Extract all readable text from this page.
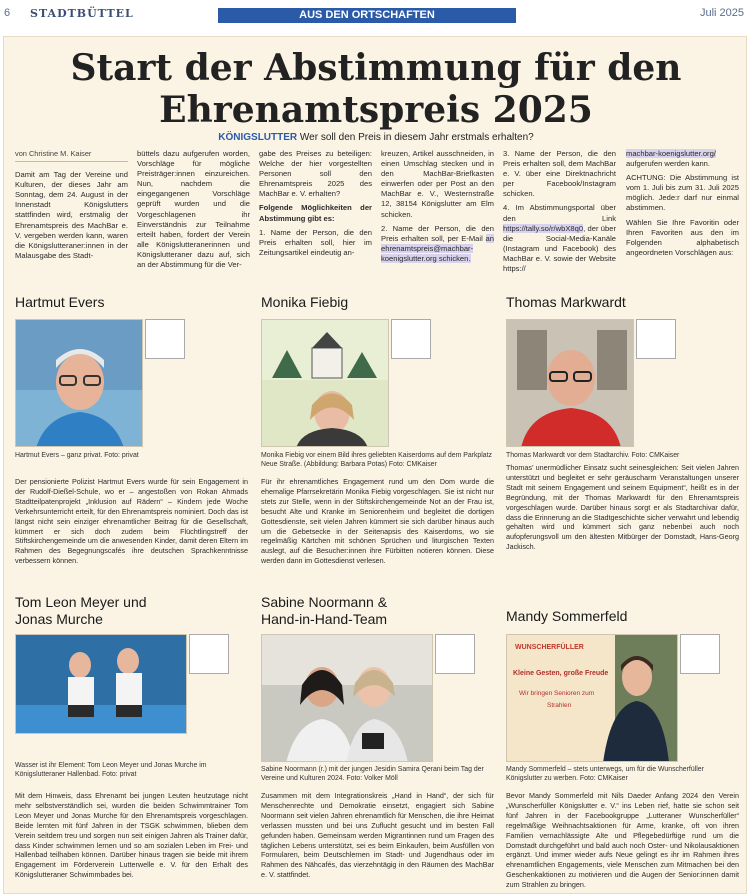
6 STADTBÜTTEL	AUS DEN ORTSCHAFTEN	Juli 2025
Start der Abstimmung für den
Ehrenamtspreis 2025
KÖNIGSLUTTER Wer soll den Preis in diesem Jahr erstmals erhalten?
von Christine M. Kaiser

Damit am Tag der Vereine und Kulturen, der dieses Jahr am Sonntag, dem 24. August in der Innenstadt Königslutters stattfinden wird, erstmalig der Ehrenamtspreis des MachBar e. V. vergeben werden kann, waren die Königslutteraner:innen in der Malausgabe des Stadt-

büttels dazu aufgerufen worden, Vorschläge für mögliche Preisträger:innen einzureichen. Nun, nachdem die eingegangenen Vorschläge geprüft wurden und die Vorgeschlagenen ihr Einverständnis zur Teilnahme erteilt haben, fordert der Verein alle Königslutteranerinnen und Königslutteraner dazu auf, sich an der Abstimmung für die Ver-

gabe des Preises zu beteiligen: Welche der hier vorgestellten Personen soll den Ehrenamtspreis 2025 des MachBar e. V. erhalten?

Folgende Möglichkeiten der Abstimmung gibt es:

1. Name der Person, die den Preis erhalten soll, hier im Zeitungsartikel eindeutig an-

kreuzen, Artikel ausschneiden, in einen Umschlag stecken und in den MachBar-Briefkasten einwerfen oder per Post an den MachBar e. V., Westernstraße 12, 38154 Königslutter am Elm schicken.

2. Name der Person, die den Preis erhalten soll, per E-Mail an ehrenamtspreis@machbar-koenigslutter.org schicken.

3. Name der Person, die den Preis erhalten soll, dem MachBar e. V. über eine Direktnachricht per Facebook/Instagram schicken.

4. Im Abstimmungsportal über den Link https://tally.so/r/wbX8q0, der über die Social-Media-Kanäle (Instagram und Facebook) des MachBar e. V. sowie der Website https://

machbar-koenigslutter.org/ aufgerufen werden kann.

ACHTUNG: Die Abstimmung ist vom 1. Juli bis zum 31. Juli 2025 möglich. Jede:r darf nur einmal abstimmen.

Wählen Sie Ihre Favoritin oder Ihren Favoriten aus den im Folgenden alphabetisch angeordneten Vorschlägen aus:

Hartmut Evers
Hartmut Evers – ganz privat. Foto: privat
Der pensionierte Polizist Hartmut Evers wurde für sein Engagement in der Rudolf-Dießel-Schule, wo er – angestoßen von Rokan Ahmads Stadtteilpatenprojekt „Inklusion auf Rädern“ – Kindern jede Woche Verkehrsunterricht erteilt, für den Ehrenamtspreis nominiert. Doch das ist längst nicht sein einziger ehrenamtlicher Beitrag für die Gesellschaft, kümmert er sich doch zudem beim Flüchtlingstreff der Stiftskirchengemeinde um die anwesenden Kinder, damit deren Eltern im Rahmen des Begegnungscafés ihre deutschen Sprachkenntnisse verbessern können.
Monika Fiebig
Monika Fiebig vor einem Bild ihres geliebten Kaiserdoms auf dem Parkplatz Neue Straße. (Abbildung: Barbara Potas) Foto: CMKaiser
Für ihr ehrenamtliches Engagement rund um den Dom wurde die ehemalige Pfarrsekretärin Monika Fiebig vorgeschlagen. Sie ist nicht nur stets zur Stelle, wenn in der Stiftskirchengemeinde Not an der Frau ist, besucht Alte und Kranke im Seniorenheim und begleitet die dortigen Gottesdienste, seit vielen Jahren kümmert sie sich darüber hinaus auch um die Gebetsecke in der Seitenapsis des Kaiserdoms, wo sie regelmäßig Kärtchen mit schönen Sprüchen und liturgischen Texten auslegt, auf die Besucher:innen ihre Fürbitten notieren können. Diese werden dann im Gottesdienst verlesen.
Thomas Markwardt
Thomas Markwardt vor dem Stadtarchiv. Foto: CMKaiser
Thomas’ unermüdlicher Einsatz sucht seinesgleichen: Seit vielen Jahren unterstützt und begleitet er sehr geräuscharm Veranstaltungen unserer Stadt mit seinem Engagement und seinem Equipment“, heißt es in der Begründung, mit der Thomas Markwardt für den Ehrenamtspreis vorgeschlagen wurde. Darüber hinaus sorgt er als Stadtarchivar dafür, dass die Erinnerung an die Stadtgeschichte sicher verwahrt und lebendig gehalten wird und kümmert sich ganz nebenbei auch noch aufopferungsvoll um den ältesten Mitbürger der Domstadt, Hans-Georg Jackisch.
Tom Leon Meyer und
Jonas Murche
Wasser ist ihr Element: Tom Leon Meyer und Jonas Murche im Königslutteraner Hallenbad. Foto: privat
Mit dem Hinweis, dass Ehrenamt bei jungen Leuten heutzutage nicht mehr selbstverständlich sei, wurden die beiden Schwimmtrainer Tom Leon Meyer und Jonas Murche für den Ehrenamtspreis vorgeschlagen. Beide lernten mit fünf Jahren in der TSGK schwimmen, blieben dem Verein seitdem treu und sorgen nun seit einigen Jahren als Trainer dafür, dass Kinder schwimmen lernen und so am sozialen Leben im Frei- und Hallenbad teilhaben können. Darüber hinaus tragen sie beide mit ihrem Engagement im Förderverein Lutterwelle e. V. für den Erhalt des Königslutteraner Schwimmbades bei.
Sabine Noormann &
Hand-in-Hand-Team
Sabine Noormann (r.) mit der jungen Jesidin Samira Qerani beim Tag der Vereine und Kulturen 2024. Foto: Volker Möll
Zusammen mit dem Integrationskreis „Hand in Hand“, der sich für Menschenrechte und Demokratie einsetzt, engagiert sich Sabine Noormann seit vielen Jahren ehrenamtlich für Menschen, die ihre Heimat verlassen mussten und bei uns Zuflucht gesucht und im besten Fall gefunden haben. Gemeinsam werden Migrantinnen rund um Fragen des täglichen Lebens unterstützt, sei es beim Einkaufen, beim Ausfüllen von Formularen, beim Deutschlernen im Stadt- und Jugendhaus oder im Rahmen des Nähcafés, das vierzehntägig in den Räumen des MachBar e. V. stattfindet.
Mandy Sommerfeld
WUNSCHERFÜLLER
Kleine Gesten, große Freude
Wir bringen Senioren zum
Strahlen
Mandy Sommerfeld – stets unterwegs, um für die Wunscherfüller Königslutter zu werben. Foto: CMKaiser
Bevor Mandy Sommerfeld mit Nils Daeder Anfang 2024 den Verein „Wunscherfüller Königslutter e. V.“ ins Leben rief, hatte sie schon seit fünf Jahren in der Facebookgruppe „Lutteraner Wunscherfüller“ regelmäßige Weihnachtsaktionen für Arme, kranke, oft von ihren Familien vernachlässigte Alte und Pflegebedürftige rund um die Domstadt durchgeführt und bald auch noch Oster- und Nikolausaktionen ergänzt. Und immer wieder aufs Neue gelingt es ihr im Rahmen ihres ehrenamtlichen Engagements, viele Menschen zum Mitmachen bei den Geschenkaktionen zu motivieren und die Augen der Senior:innen damit zum Strahlen zu bringen.
